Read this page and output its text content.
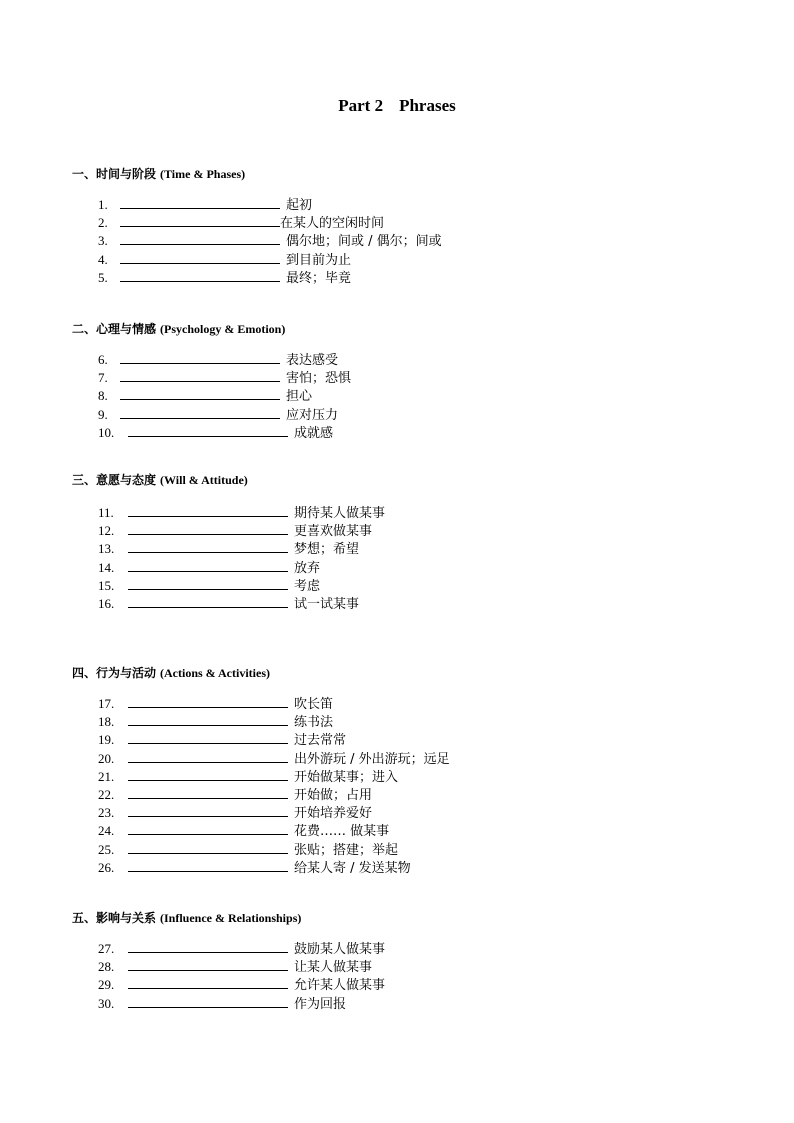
Part 2 Phrases
一、时间与阶段 (Time & Phases)
1.	起初
2.	在某人的空闲时间
3.	偶尔地；间或 / 偶尔；间或
4.	到目前为止
5.	最终；毕竟
二、心理与情感 (Psychology & Emotion)
6.	表达感受
7.	害怕；恐惧
8.	担心
9.	应对压力
10.	成就感
三、意愿与态度 (Will & Attitude)
11.	期待某人做某事
12.	更喜欢做某事
13.	梦想；希望
14.	放弃
15.	考虑
16.	试一试某事
四、行为与活动 (Actions & Activities)
17.	吹长笛
18.	练书法
19.	过去常常
20.	出外游玩 / 外出游玩；远足
21.	开始做某事；进入
22.	开始做；占用
23.	开始培养爱好
24.	花费…… 做某事
25.	张贴；搭建；举起
26.	给某人寄 / 发送某物
五、影响与关系 (Influence & Relationships)
27.	鼓励某人做某事
28.	让某人做某事
29.	允许某人做某事
30.	作为回报
